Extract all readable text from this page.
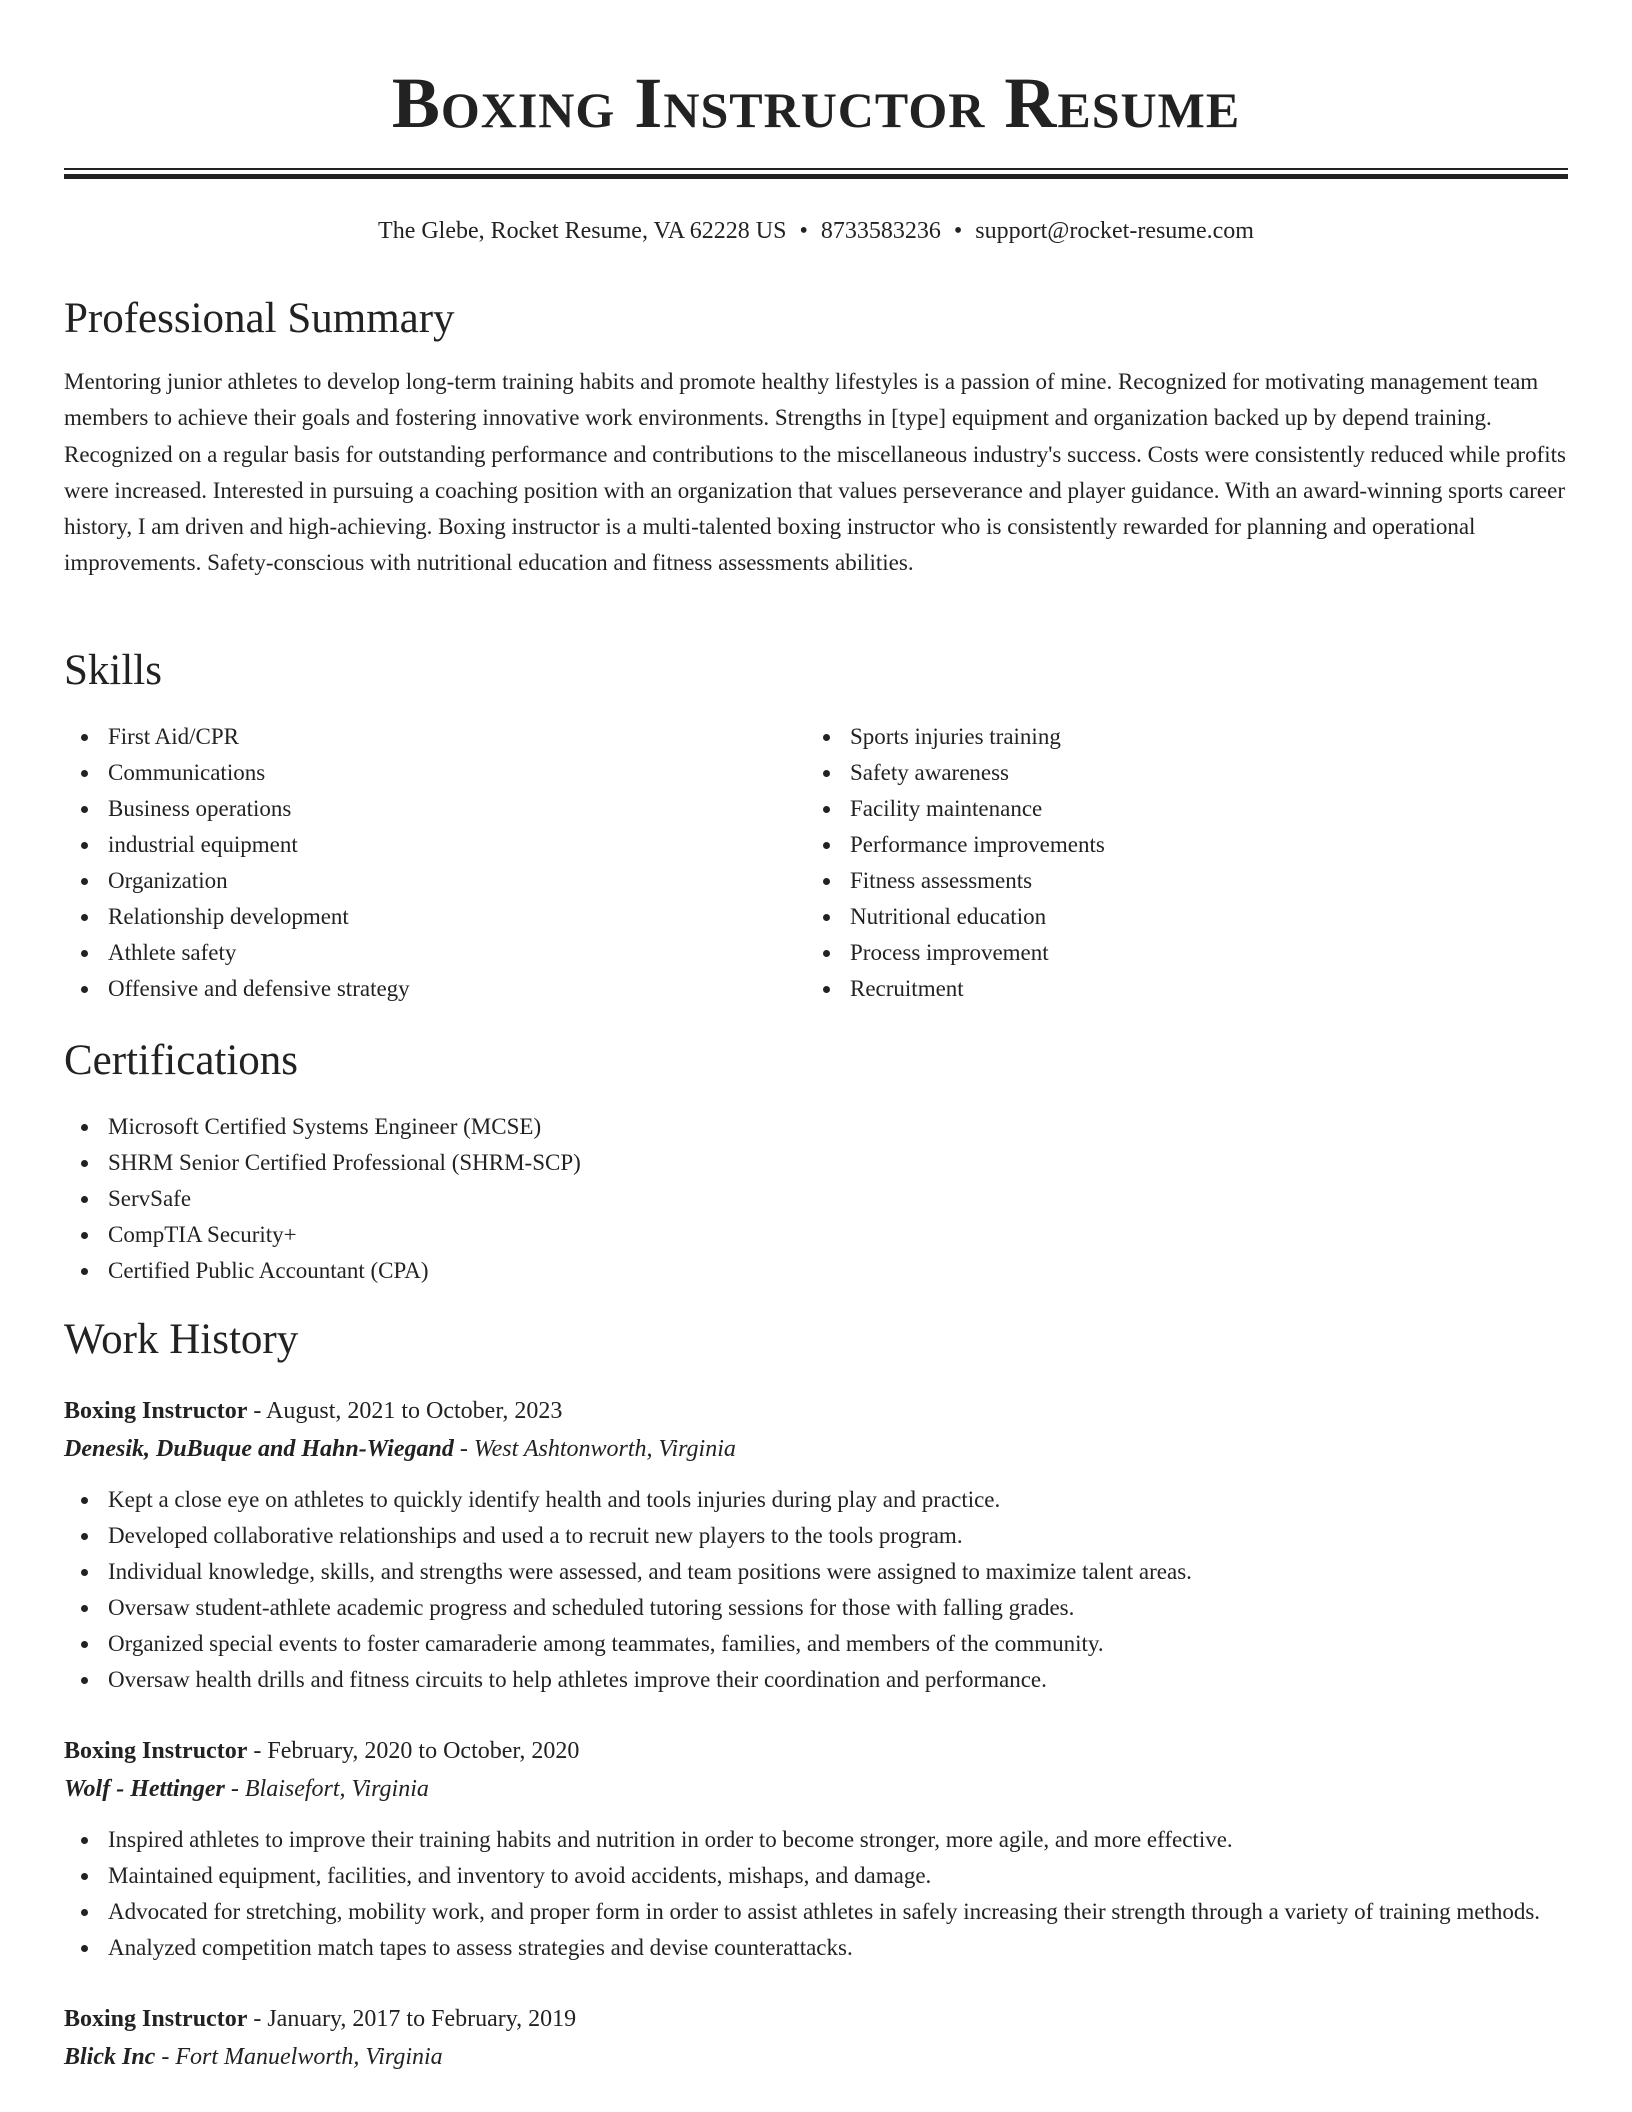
Boxing Instructor Resume
The Glebe, Rocket Resume, VA 62228 US • 8733583236 • support@rocket-resume.com
Professional Summary

Mentoring junior athletes to develop long-term training habits and promote healthy lifestyles is a passion of mine. Recognized for motivating management team members to achieve their goals and fostering innovative work environments. Strengths in [type] equipment and organization backed up by depend training. Recognized on a regular basis for outstanding performance and contributions to the miscellaneous industry's success. Costs were consistently reduced while profits were increased. Interested in pursuing a coaching position with an organization that values perseverance and player guidance. With an award-winning sports career history, I am driven and high-achieving. Boxing instructor is a multi-talented boxing instructor who is consistently rewarded for planning and operational improvements. Safety-conscious with nutritional education and fitness assessments abilities.

Skills
First Aid/CPR
Communications
Business operations
industrial equipment
Organization
Relationship development
Athlete safety
Offensive and defensive strategy
Sports injuries training
Safety awareness
Facility maintenance
Performance improvements
Fitness assessments
Nutritional education
Process improvement
Recruitment
Certifications
Microsoft Certified Systems Engineer (MCSE)
SHRM Senior Certified Professional (SHRM-SCP)
ServSafe
CompTIA Security+
Certified Public Accountant (CPA)
Work History
Boxing Instructor - August, 2021 to October, 2023
Denesik, DuBuque and Hahn-Wiegand - West Ashtonworth, Virginia
Kept a close eye on athletes to quickly identify health and tools injuries during play and practice.
Developed collaborative relationships and used a to recruit new players to the tools program.
Individual knowledge, skills, and strengths were assessed, and team positions were assigned to maximize talent areas.
Oversaw student-athlete academic progress and scheduled tutoring sessions for those with falling grades.
Organized special events to foster camaraderie among teammates, families, and members of the community.
Oversaw health drills and fitness circuits to help athletes improve their coordination and performance.
Boxing Instructor - February, 2020 to October, 2020
Wolf - Hettinger - Blaisefort, Virginia
Inspired athletes to improve their training habits and nutrition in order to become stronger, more agile, and more effective.
Maintained equipment, facilities, and inventory to avoid accidents, mishaps, and damage.
Advocated for stretching, mobility work, and proper form in order to assist athletes in safely increasing their strength through a variety of training methods.
Analyzed competition match tapes to assess strategies and devise counterattacks.
Boxing Instructor - January, 2017 to February, 2019
Blick Inc - Fort Manuelworth, Virginia
